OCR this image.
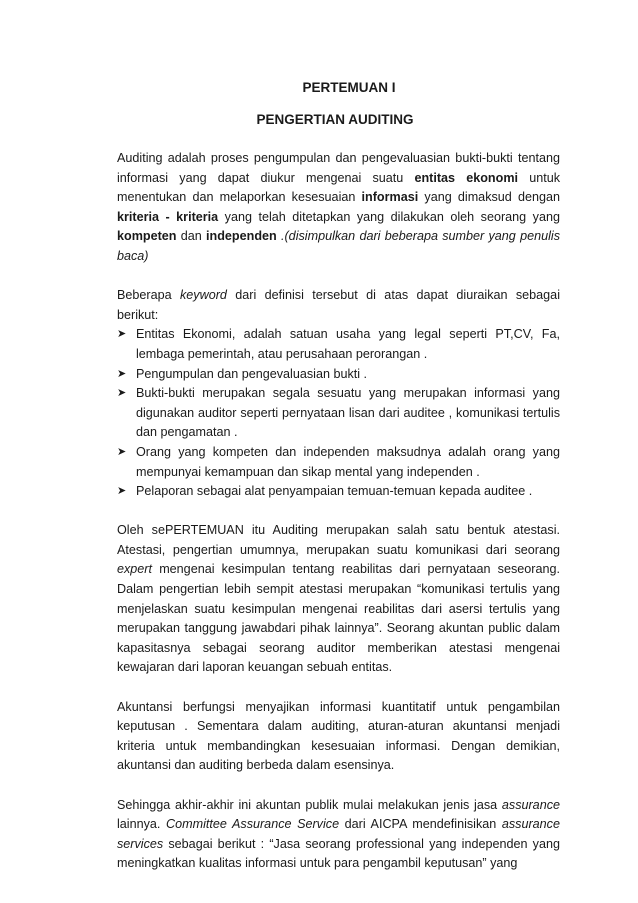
PERTEMUAN I
PENGERTIAN AUDITING

Auditing adalah proses pengumpulan dan pengevaluasian bukti-bukti tentang informasi yang dapat diukur mengenai suatu entitas ekonomi untuk menentukan dan melaporkan kesesuaian informasi yang dimaksud dengan kriteria - kriteria yang telah ditetapkan yang dilakukan oleh seorang yang kompeten dan independen .(disimpulkan dari beberapa sumber yang penulis baca)

Beberapa keyword dari definisi tersebut di atas dapat diuraikan sebagai berikut:

➤ Entitas Ekonomi, adalah satuan usaha yang legal seperti PT,CV, Fa, lembaga pemerintah, atau perusahaan perorangan .
➤ Pengumpulan dan pengevaluasian bukti .
➤ Bukti-bukti merupakan segala sesuatu yang merupakan informasi yang digunakan auditor seperti pernyataan lisan dari auditee , komunikasi tertulis dan pengamatan .
➤ Orang yang kompeten dan independen maksudnya adalah orang yang mempunyai kemampuan dan sikap mental yang independen .
➤ Pelaporan sebagai alat penyampaian temuan-temuan kepada auditee .

Oleh sePERTEMUAN itu Auditing merupakan salah satu bentuk atestasi. Atestasi, pengertian umumnya, merupakan suatu komunikasi dari seorang expert mengenai kesimpulan tentang reabilitas dari pernyataan seseorang. Dalam pengertian lebih sempit atestasi merupakan “komunikasi tertulis yang menjelaskan suatu kesimpulan mengenai reabilitas dari asersi tertulis yang merupakan tanggung jawabdari pihak lainnya”. Seorang akuntan public dalam kapasitasnya sebagai seorang auditor memberikan atestasi mengenai kewajaran dari laporan keuangan sebuah entitas.

Akuntansi berfungsi menyajikan informasi kuantitatif untuk pengambilan keputusan . Sementara dalam auditing, aturan-aturan akuntansi menjadi kriteria untuk membandingkan kesesuaian informasi. Dengan demikian, akuntansi dan auditing berbeda dalam esensinya.

Sehingga akhir-akhir ini akuntan publik mulai melakukan jenis jasa assurance lainnya. Committee Assurance Service dari AICPA mendefinisikan assurance services sebagai berikut : “Jasa seorang professional yang independen yang meningkatkan kualitas informasi untuk para pengambil keputusan” yang
